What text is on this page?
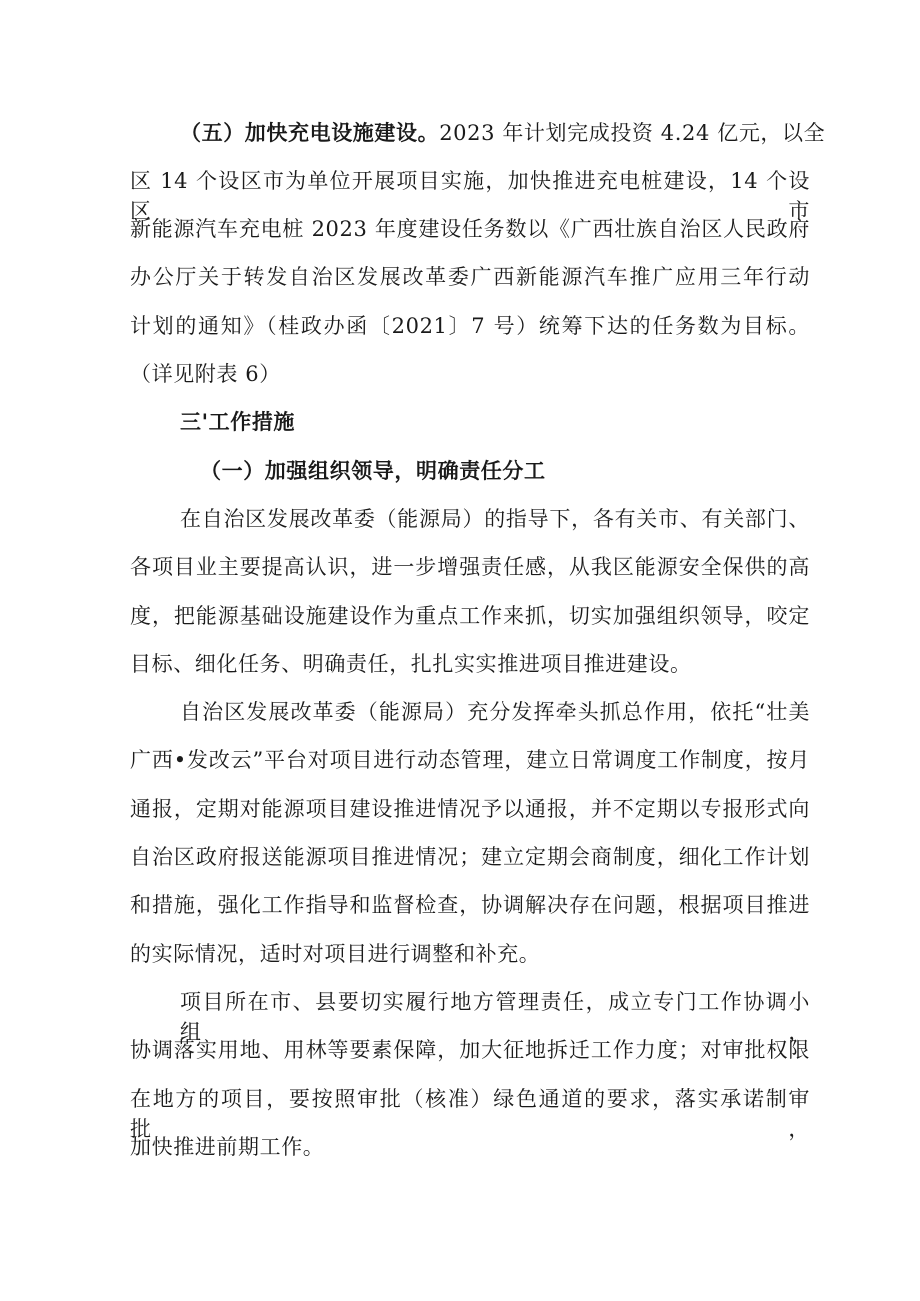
（五）加快充电设施建设。2023 年计划完成投资 4.24 亿元，以全
区 14 个设区市为单位开展项目实施，加快推进充电桩建设，14 个设区市
新能源汽车充电桩 2023 年度建设任务数以《广西壮族自治区人民政府
办公厅关于转发自治区发展改革委广西新能源汽车推广应用三年行动
计划的通知》（桂政办函〔2021〕7 号）统筹下达的任务数为目标。
（详见附表 6）
三'工作措施
（一）加强组织领导，明确责任分工
在自治区发展改革委（能源局）的指导下，各有关市、有关部门、
各项目业主要提高认识，进一步增强责任感，从我区能源安全保供的高
度，把能源基础设施建设作为重点工作来抓，切实加强组织领导，咬定
目标、细化任务、明确责任，扎扎实实推进项目推进建设。
自治区发展改革委（能源局）充分发挥牵头抓总作用，依托“壮美
广西•发改云”平台对项目进行动态管理，建立日常调度工作制度，按月
通报，定期对能源项目建设推进情况予以通报，并不定期以专报形式向
自治区政府报送能源项目推进情况；建立定期会商制度，细化工作计划
和措施，强化工作指导和监督检查，协调解决存在问题，根据项目推进
的实际情况，适时对项目进行调整和补充。
项目所在市、县要切实履行地方管理责任，成立专门工作协调小组，
协调落实用地、用林等要素保障，加大征地拆迁工作力度；对审批权限
在地方的项目，要按照审批（核准）绿色通道的要求，落实承诺制审批，
加快推进前期工作。
